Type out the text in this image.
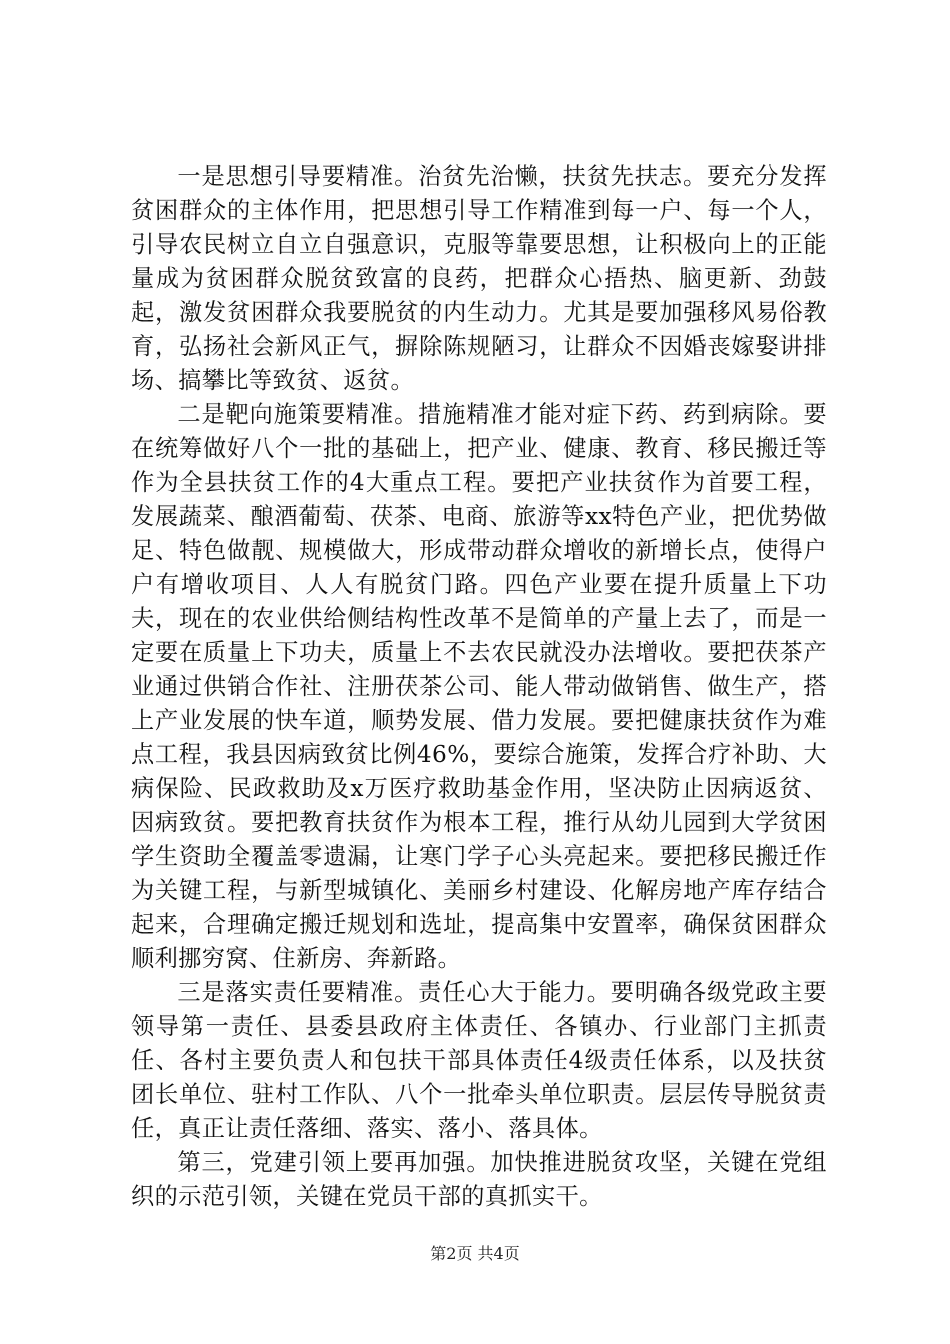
一是思想引导要精准。治贫先治懒，扶贫先扶志。要充分发挥贫困群众的主体作用，把思想引导工作精准到每一户、每一个人，引导农民树立自立自强意识，克服等靠要思想，让积极向上的正能量成为贫困群众脱贫致富的良药，把群众心捂热、脑更新、劲鼓起，激发贫困群众我要脱贫的内生动力。尤其是要加强移风易俗教育，弘扬社会新风正气，摒除陈规陋习，让群众不因婚丧嫁娶讲排场、搞攀比等致贫、返贫。

二是靶向施策要精准。措施精准才能对症下药、药到病除。要在统筹做好八个一批的基础上，把产业、健康、教育、移民搬迁等作为全县扶贫工作的4大重点工程。要把产业扶贫作为首要工程，发展蔬菜、酿酒葡萄、茯茶、电商、旅游等xx特色产业，把优势做足、特色做靓、规模做大，形成带动群众增收的新增长点，使得户户有增收项目、人人有脱贫门路。四色产业要在提升质量上下功夫，现在的农业供给侧结构性改革不是简单的产量上去了，而是一定要在质量上下功夫，质量上不去农民就没办法增收。要把茯茶产业通过供销合作社、注册茯茶公司、能人带动做销售、做生产，搭上产业发展的快车道，顺势发展、借力发展。要把健康扶贫作为难点工程，我县因病致贫比例46%，要综合施策，发挥合疗补助、大病保险、民政救助及x万医疗救助基金作用，坚决防止因病返贫、因病致贫。要把教育扶贫作为根本工程，推行从幼儿园到大学贫困学生资助全覆盖零遗漏，让寒门学子心头亮起来。要把移民搬迁作为关键工程，与新型城镇化、美丽乡村建设、化解房地产库存结合起来，合理确定搬迁规划和选址，提高集中安置率，确保贫困群众顺利挪穷窝、住新房、奔新路。

三是落实责任要精准。责任心大于能力。要明确各级党政主要领导第一责任、县委县政府主体责任、各镇办、行业部门主抓责任、各村主要负责人和包扶干部具体责任4级责任体系，以及扶贫团长单位、驻村工作队、八个一批牵头单位职责。层层传导脱贫责任，真正让责任落细、落实、落小、落具体。

第三，党建引领上要再加强。加快推进脱贫攻坚，关键在党组织的示范引领，关键在党员干部的真抓实干。

第2页 共4页
